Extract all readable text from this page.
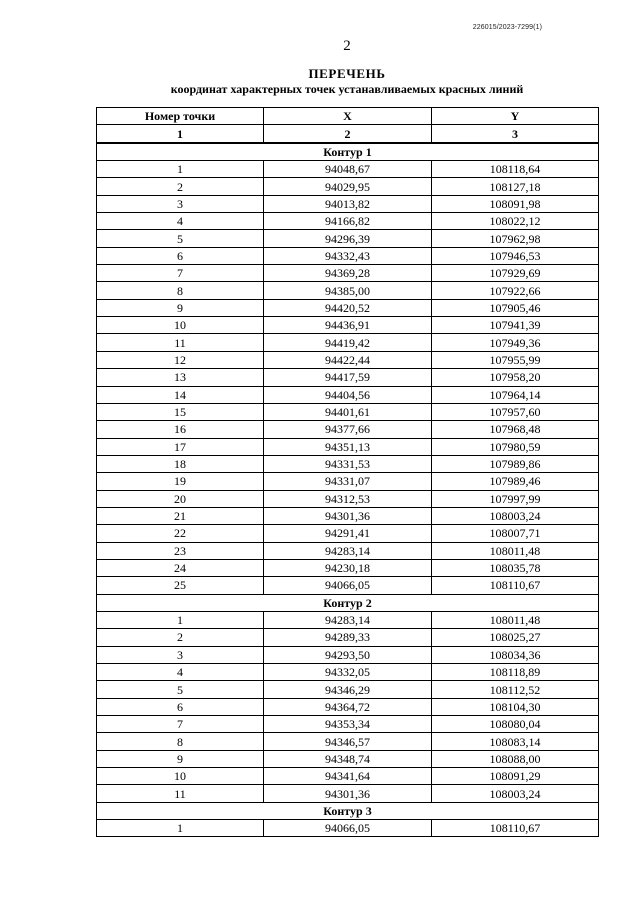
226015/2023-7299(1)
2
ПЕРЕЧЕНЬ
координат характерных точек устанавливаемых красных линий
Номер точки	X	Y
1	2	3
Контур 1		
1	94048,67	108118,64
2	94029,95	108127,18
3	94013,82	108091,98
4	94166,82	108022,12
5	94296,39	107962,98
6	94332,43	107946,53
7	94369,28	107929,69
8	94385,00	107922,66
9	94420,52	107905,46
10	94436,91	107941,39
11	94419,42	107949,36
12	94422,44	107955,99
13	94417,59	107958,20
14	94404,56	107964,14
15	94401,61	107957,60
16	94377,66	107968,48
17	94351,13	107980,59
18	94331,53	107989,86
19	94331,07	107989,46
20	94312,53	107997,99
21	94301,36	108003,24
22	94291,41	108007,71
23	94283,14	108011,48
24	94230,18	108035,78
25	94066,05	108110,67
Контур 2		
1	94283,14	108011,48
2	94289,33	108025,27
3	94293,50	108034,36
4	94332,05	108118,89
5	94346,29	108112,52
6	94364,72	108104,30
7	94353,34	108080,04
8	94346,57	108083,14
9	94348,74	108088,00
10	94341,64	108091,29
11	94301,36	108003,24
Контур 3		
1	94066,05	108110,67
